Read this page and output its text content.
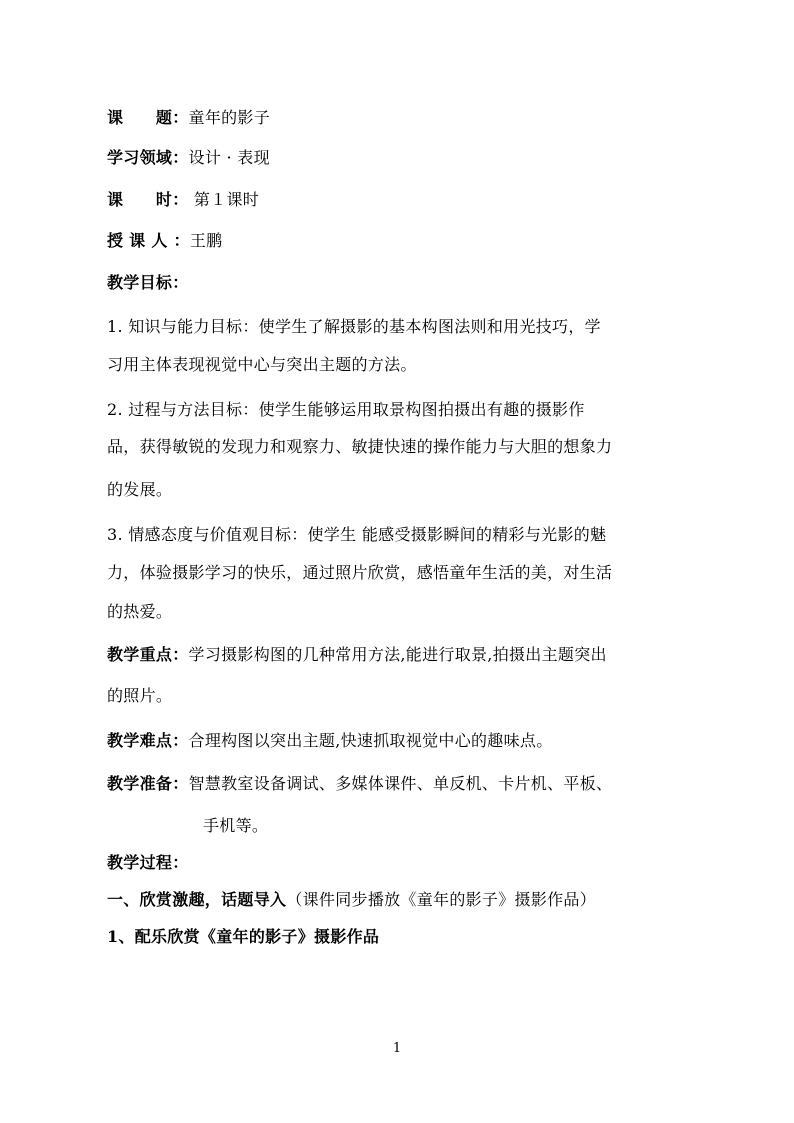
课　　题：童年的影子
学习领域：设计 · 表现
课　　时： 第１课时
授 课 人 ：王鹏
教学目标：
1. 知识与能力目标：使学生了解摄影的基本构图法则和用光技巧，学
习用主体表现视觉中心与突出主题的方法。
2. 过程与方法目标：使学生能够运用取景构图拍摄出有趣的摄影作
品，获得敏锐的发现力和观察力、敏捷快速的操作能力与大胆的想象力
的发展。
3. 情感态度与价值观目标：使学生 能感受摄影瞬间的精彩与光影的魅
力，体验摄影学习的快乐，通过照片欣赏，感悟童年生活的美，对生活
的热爱。
教学重点：学习摄影构图的几种常用方法,能进行取景,拍摄出主题突出
的照片。
教学难点：合理构图以突出主题,快速抓取视觉中心的趣味点。
教学准备：智慧教室设备调试、多媒体课件、单反机、卡片机、平板、
手机等。
教学过程：
一、欣赏激趣，话题导入（课件同步播放《童年的影子》摄影作品）
1、配乐欣赏《童年的影子》摄影作品
1
